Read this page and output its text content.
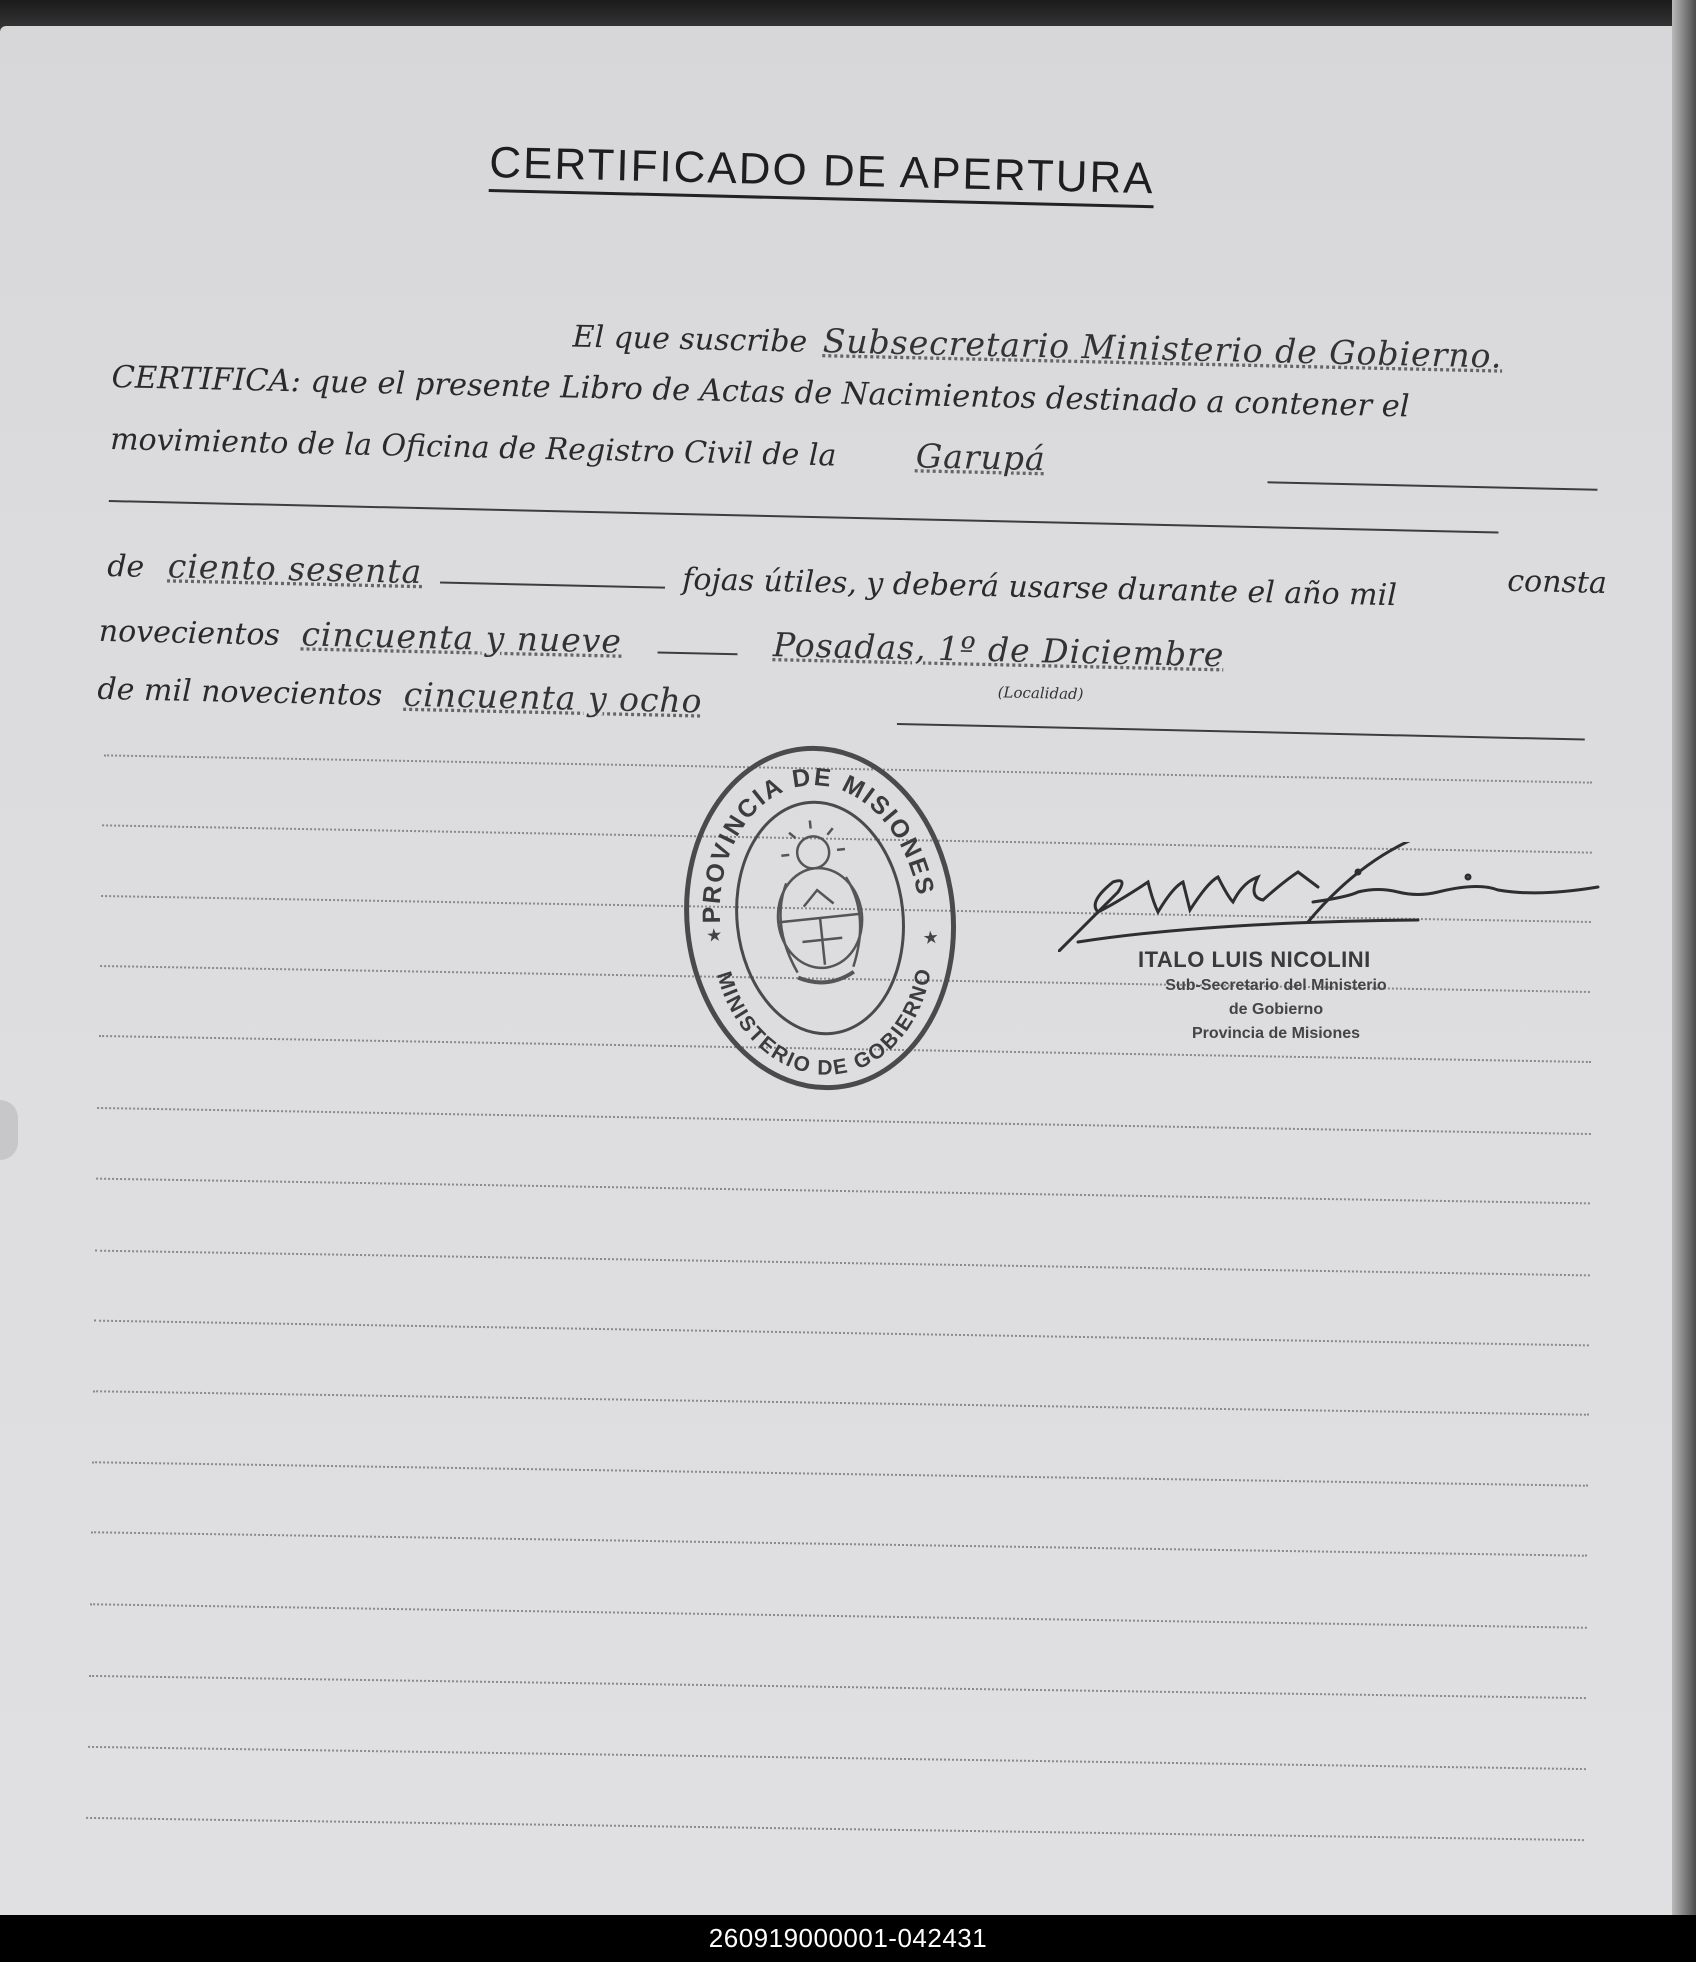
CERTIFICADO DE APERTURA
El que suscribe Subsecretario Ministerio de Gobierno.
CERTIFICA: que el presente Libro de Actas de Nacimientos destinado a contener el
movimiento de la Oficina de Registro Civil de la Garupá
de ciento sesenta	fojas útiles, y deberá usarse durante el año mil	consta
novecientos cincuenta y nueve	Posadas, 1º de Diciembre
(Localidad)
de mil novecientos cincuenta y ocho
PROVINCIA DE MISIONES
MINISTERIO DE GOBIERNO
★	★
ITALO LUIS NICOLINI
Sub-Secretario del Ministerio
de Gobierno
Provincia de Misiones
260919000001-042431
